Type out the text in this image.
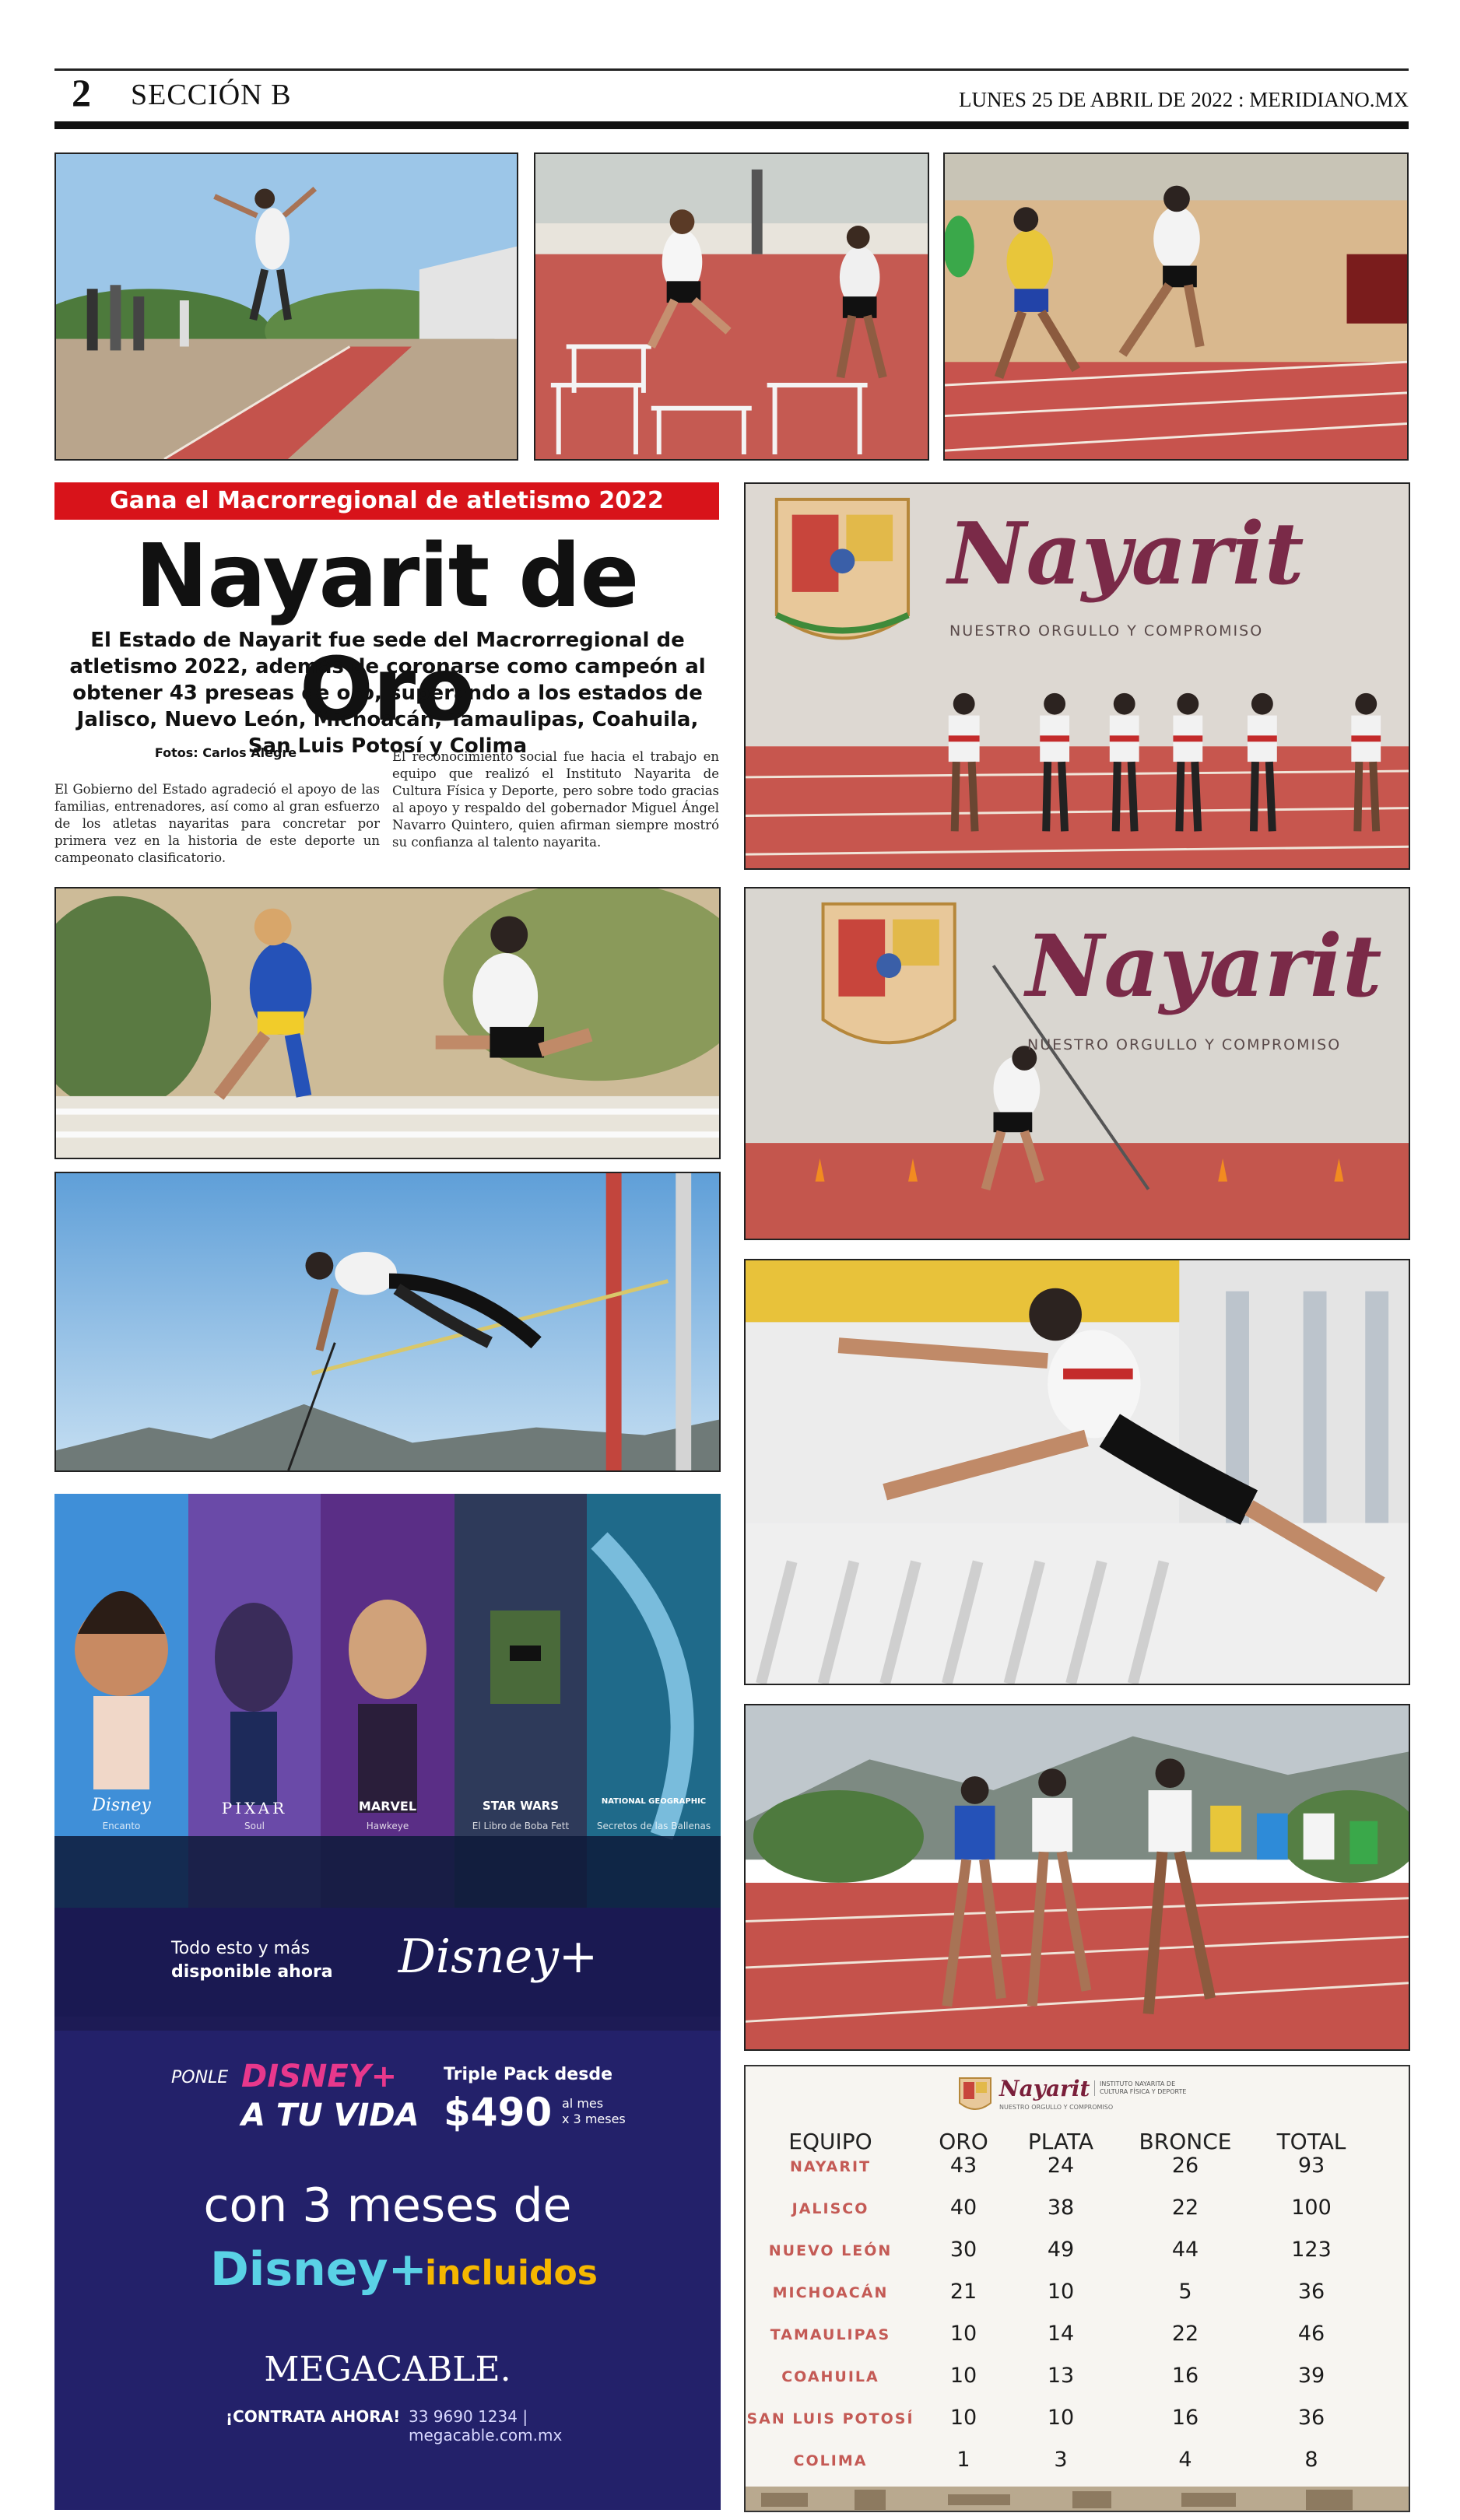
2 SECCIÓN B	LUNES 25 DE ABRIL DE 2022 : MERIDIANO.MX
Gana el Macrorregional de atletismo 2022
Nayarit de Oro
El Estado de Nayarit fue sede del Macrorregional de atletismo 2022, además de coronarse como campeón al obtener 43 preseas de oro, superando a los estados de Jalisco, Nuevo León, Michoacán, Tamaulipas, Coahuila, San Luis Potosí y Colima
Fotos: Carlos Alegre
El Gobierno del Estado agradeció el apoyo de las familias, entrenadores, así como al gran esfuerzo de los atletas nayaritas para concretar por primera vez en la historia de este deporte un campeonato clasificatorio.
El reconocimiento social fue hacia el trabajo en equipo que realizó el Instituto Nayarita de Cultura Física y Deporte, pero sobre todo gracias al apoyo y respaldo del gobernador Miguel Ángel Navarro Quintero, quien afirman siempre mostró su confianza al talento nayarita.
Nayarit
NUESTRO ORGULLO Y COMPROMISO
Nayarit
NUESTRO ORGULLO Y COMPROMISO
Disney
Encanto
PIXAR
Soul
MARVEL
Hawkeye
STAR WARS
El Libro de Boba Fett
NATIONAL GEOGRAPHIC
Secretos de las Ballenas
Todo esto y más
disponible ahora	Disney+
PONLE DISNEY+
A TU VIDA
Triple Pack desde
$490 al mes
x 3 meses
con 3 meses de
Disney+
incluidos
MEGACABLE.
¡CONTRATA AHORA! 33 9690 1234 | megacable.com.mx
Nayarit
NUESTRO ORGULLO Y COMPROMISO
INSTITUTO NAYARITA DE CULTURA FÍSICA Y DEPORTE
EQUIPO	ORO	PLATA	BRONCE	TOTAL
NAYARIT	43	24	26	93
JALISCO	40	38	22	100
NUEVO LEÓN	30	49	44	123
MICHOACÁN	21	10	5	36
TAMAULIPAS	10	14	22	46
COAHUILA	10	13	16	39
SAN LUIS POTOSÍ	10	10	16	36
COLIMA	1	3	4	8
